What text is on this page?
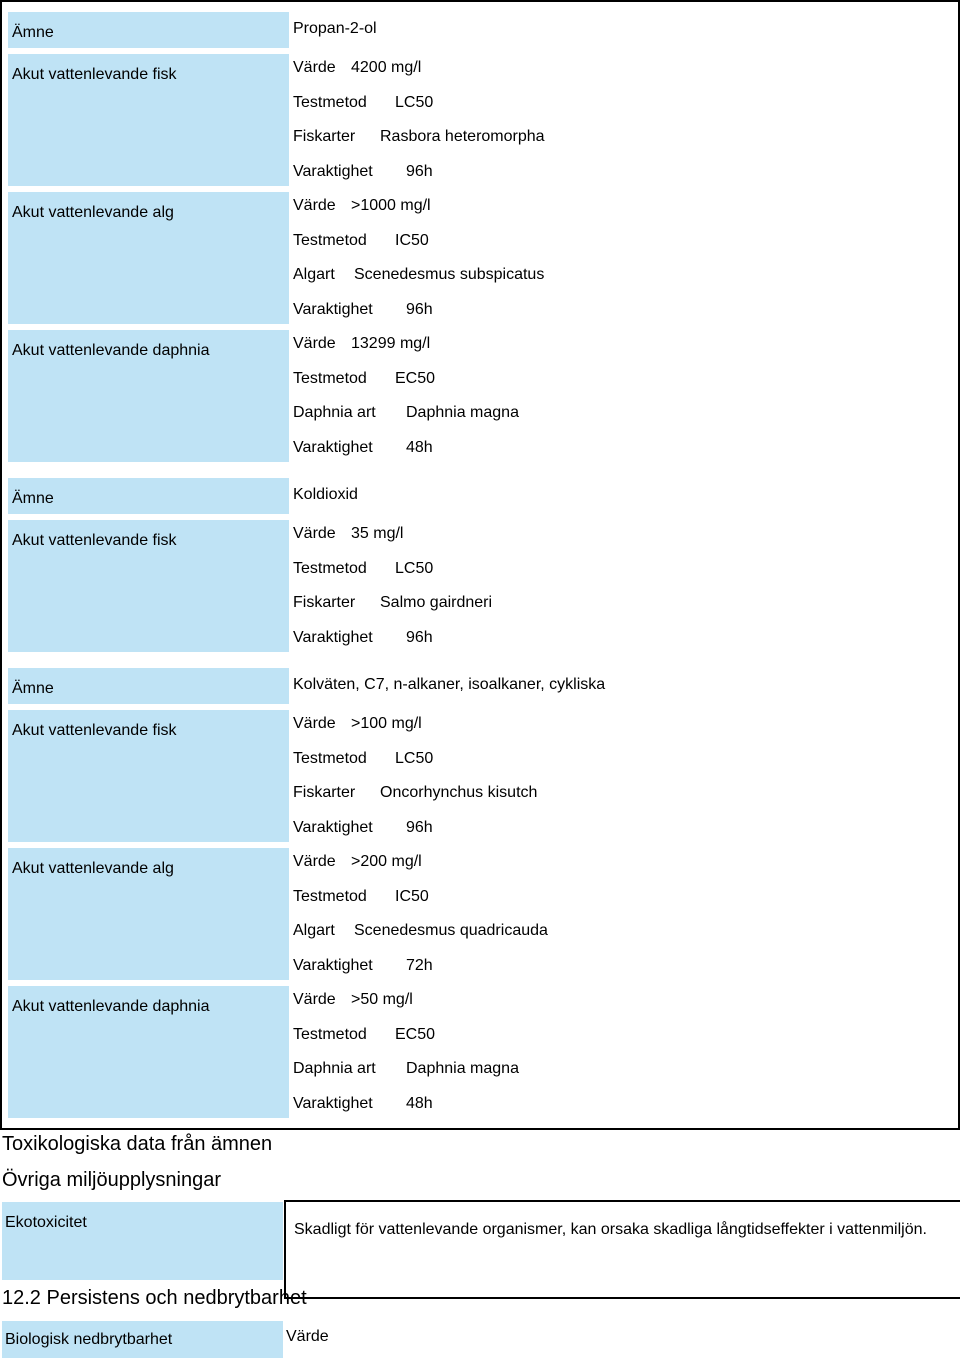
Ämne	Propan-2-ol
Akut vattenlevande fisk	Värde 4200 mg/l
Testmetod LC50
Fiskarter Rasbora heteromorpha
Varaktighet 96h
Akut vattenlevande alg	Värde >1000 mg/l
Testmetod IC50
Algart Scenedesmus subspicatus
Varaktighet 96h
Akut vattenlevande daphnia	Värde 13299 mg/l
Testmetod EC50
Daphnia art Daphnia magna
Varaktighet 48h
Ämne	Koldioxid
Akut vattenlevande fisk	Värde 35 mg/l
Testmetod LC50
Fiskarter Salmo gairdneri
Varaktighet 96h
Ämne	Kolväten, C7, n-alkaner, isoalkaner, cykliska
Akut vattenlevande fisk	Värde >100 mg/l
Testmetod LC50
Fiskarter Oncorhynchus kisutch
Varaktighet 96h
Akut vattenlevande alg	Värde >200 mg/l
Testmetod IC50
Algart Scenedesmus quadricauda
Varaktighet 72h
Akut vattenlevande daphnia	Värde >50 mg/l
Testmetod EC50
Daphnia art Daphnia magna
Varaktighet 48h
Toxikologiska data från ämnen
Övriga miljöupplysningar
Ekotoxicitet	Skadligt för vattenlevande organismer, kan orsaka skadliga långtidseffekter i vattenmiljön.
12.2 Persistens och nedbrytbarhet
Biologisk nedbrytbarhet	Värde
